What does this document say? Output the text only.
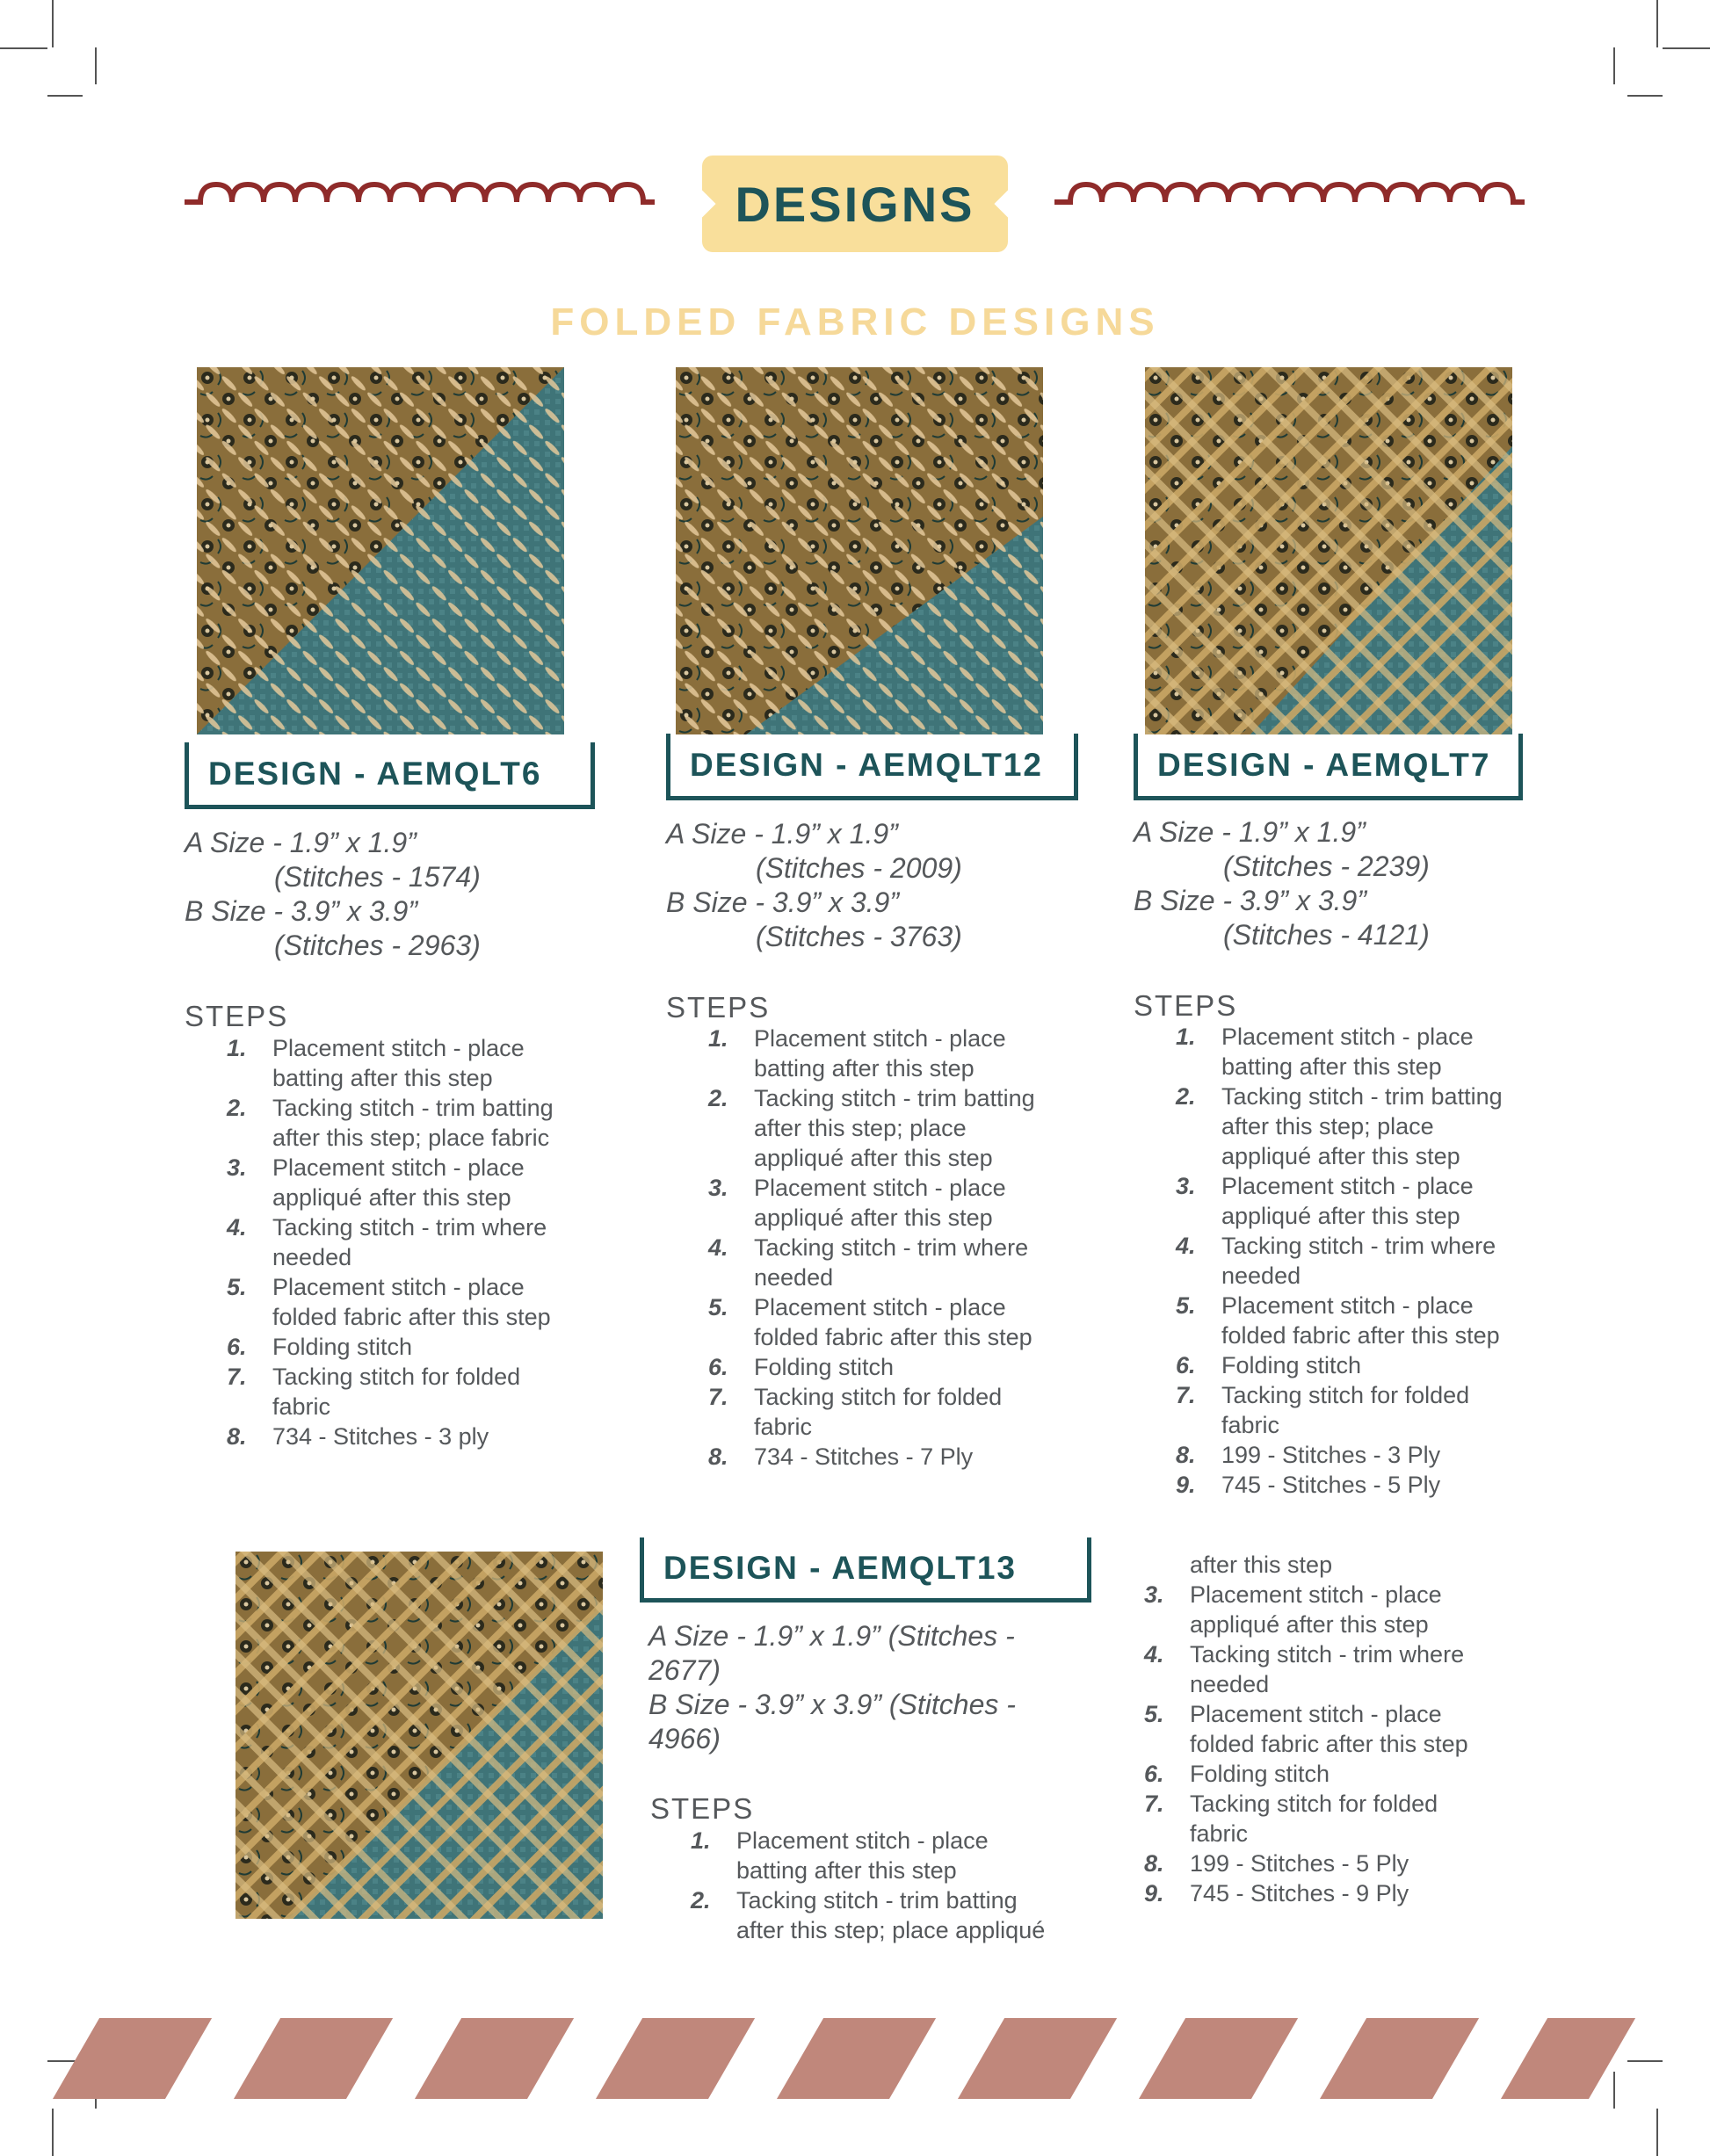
DESIGNS
FOLDED FABRIC DESIGNS
DESIGN - AEMQLT6
A Size - 1.9” x 1.9”
(Stitches - 1574)
B Size - 3.9” x 3.9”
(Stitches - 2963)
STEPS
1. Placement stitch - place
batting after this step
2. Tacking stitch - trim batting
after this step; place fabric
3. Placement stitch - place
appliqué after this step
4. Tacking stitch - trim where
needed
5. Placement stitch - place
folded fabric after this step
6. Folding stitch
7. Tacking stitch for folded
fabric
8. 734 - Stitches - 3 ply
DESIGN - AEMQLT12
A Size - 1.9” x 1.9”
(Stitches - 2009)
B Size - 3.9” x 3.9”
(Stitches - 3763)
STEPS
1. Placement stitch - place
batting after this step
2. Tacking stitch - trim batting
after this step; place
appliqué after this step
3. Placement stitch - place
appliqué after this step
4. Tacking stitch - trim where
needed
5. Placement stitch - place
folded fabric after this step
6. Folding stitch
7. Tacking stitch for folded
fabric
8. 734 - Stitches - 7 Ply
DESIGN - AEMQLT7
A Size - 1.9” x 1.9”
(Stitches - 2239)
B Size - 3.9” x 3.9”
(Stitches - 4121)
STEPS
1. Placement stitch - place
batting after this step
2. Tacking stitch - trim batting
after this step; place
appliqué after this step
3. Placement stitch - place
appliqué after this step
4. Tacking stitch - trim where
needed
5. Placement stitch - place
folded fabric after this step
6. Folding stitch
7. Tacking stitch for folded
fabric
8. 199 - Stitches - 3 Ply
9. 745 - Stitches - 5 Ply
DESIGN - AEMQLT13
A Size - 1.9” x 1.9” (Stitches -
2677)
B Size - 3.9” x 3.9” (Stitches -
4966)
STEPS
1. Placement stitch - place
batting after this step
2. Tacking stitch - trim batting
after this step; place appliqué
after this step
3. Placement stitch - place
appliqué after this step
4. Tacking stitch - trim where
needed
5. Placement stitch - place
folded fabric after this step
6. Folding stitch
7. Tacking stitch for folded
fabric
8. 199 - Stitches - 5 Ply
9. 745 - Stitches - 9 Ply
